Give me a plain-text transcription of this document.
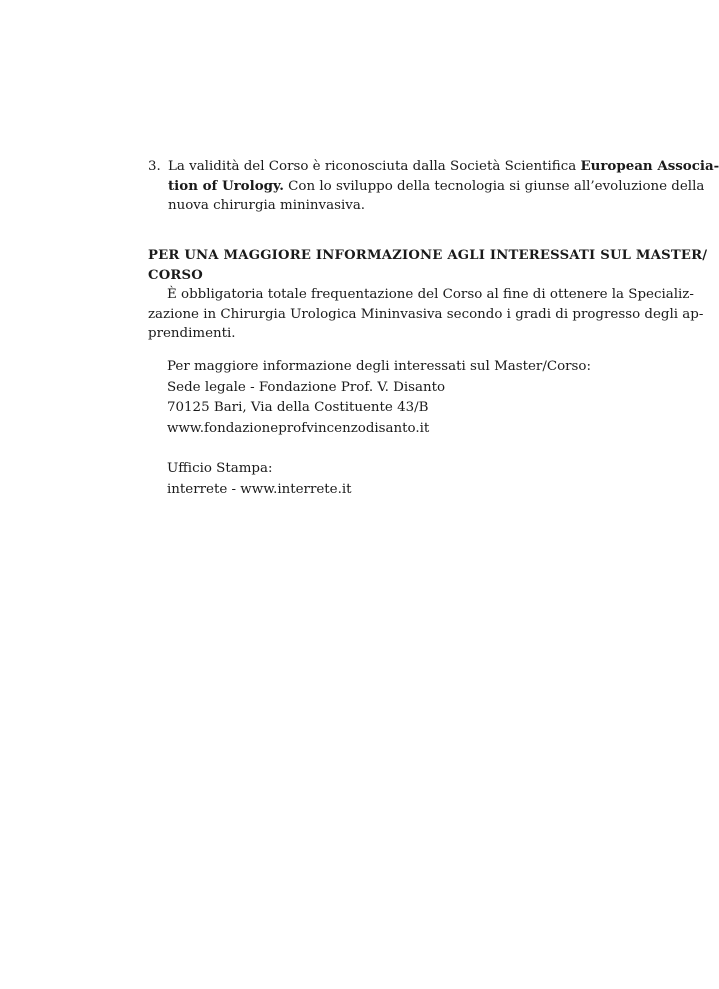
3. La validità del Corso è riconosciuta dalla Società Scientifica European Associa-
tion of Urology. Con lo sviluppo della tecnologia si giunse all’evoluzione della
nuova chirurgia mininvasiva.
PER UNA MAGGIORE INFORMAZIONE AGLI INTERESSATI SUL MASTER/
CORSO
È obbligatoria totale frequentazione del Corso al fine di ottenere la Specializ-
zazione in Chirurgia Urologica Mininvasiva secondo i gradi di progresso degli ap-
prendimenti.
Per maggiore informazione degli interessati sul Master/Corso:
Sede legale - Fondazione Prof. V. Disanto
70125 Bari, Via della Costituente 43/B
www.fondazioneprofvincenzodisanto.it
Ufficio Stampa:
interrete - www.interrete.it
